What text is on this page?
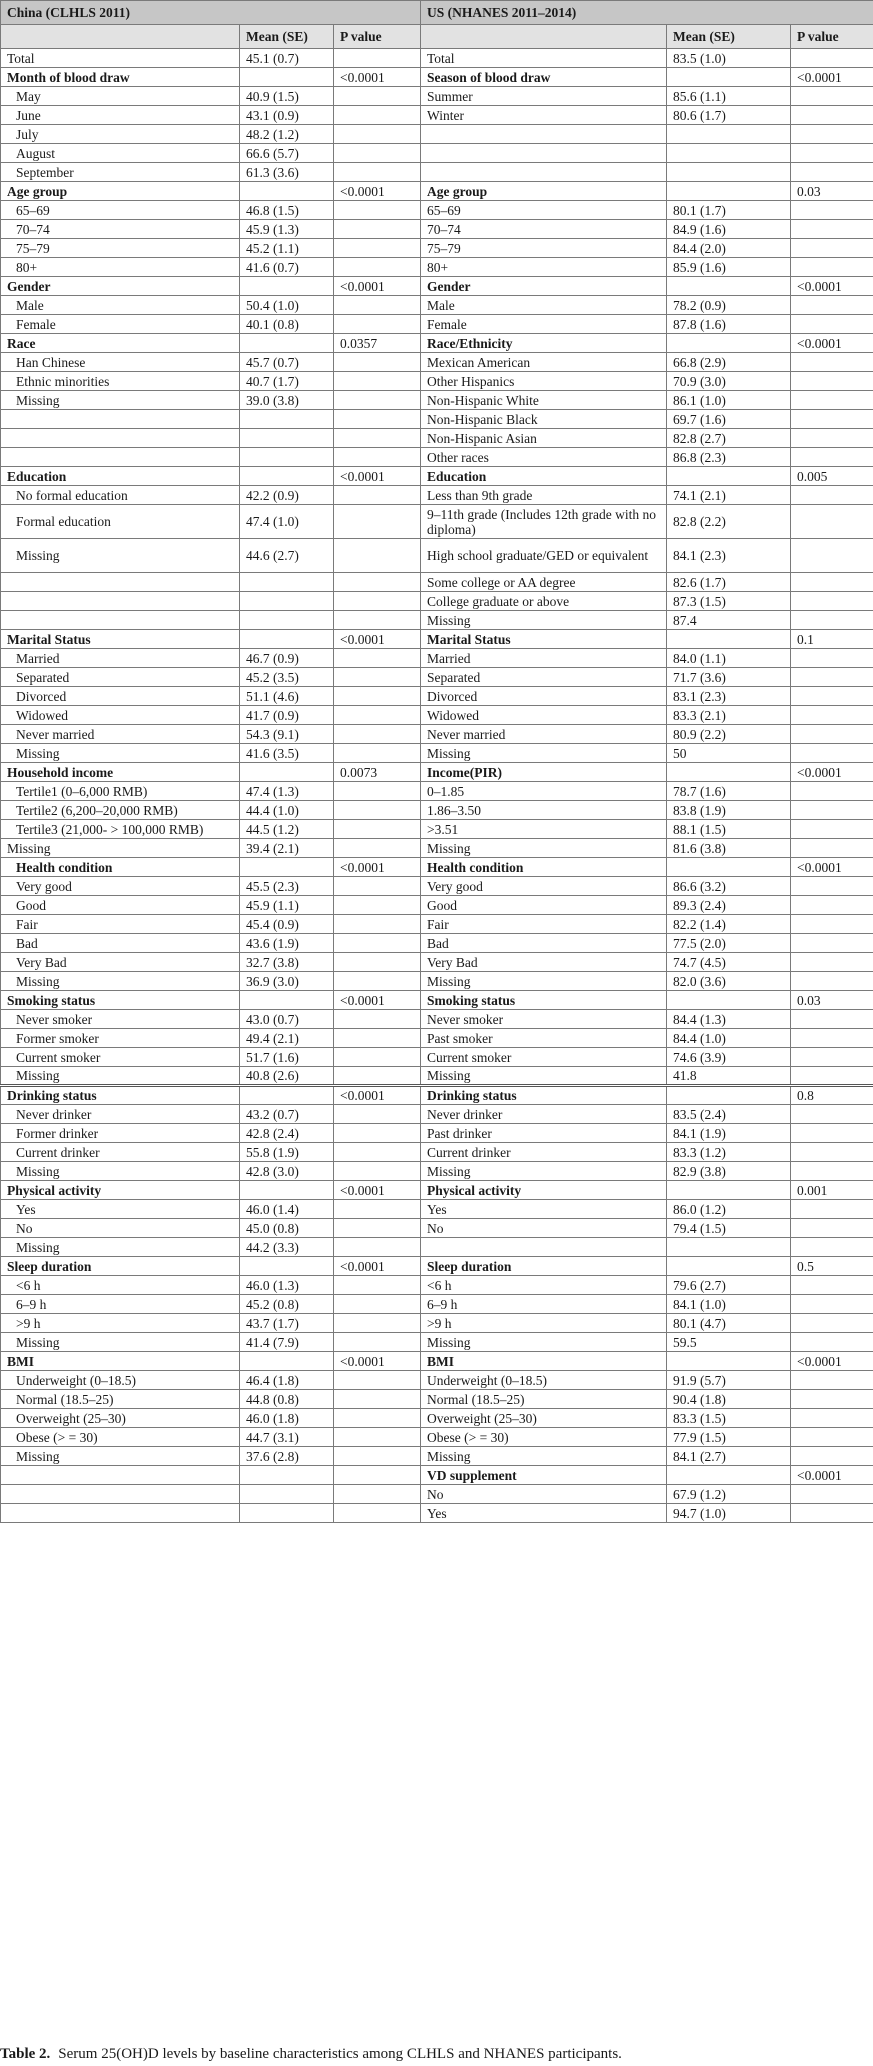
China (CLHLS 2011)			US (NHANES 2011–2014)		
	Mean (SE)	P value		Mean (SE)	P value
Total	45.1 (0.7)		Total	83.5 (1.0)	
Month of blood draw		<0.0001	Season of blood draw		<0.0001
May	40.9 (1.5)		Summer	85.6 (1.1)	
June	43.1 (0.9)		Winter	80.6 (1.7)	
July	48.2 (1.2)				
August	66.6 (5.7)				
September	61.3 (3.6)				
Age group		<0.0001	Age group		0.03
65–69	46.8 (1.5)		65–69	80.1 (1.7)	
70–74	45.9 (1.3)		70–74	84.9 (1.6)	
75–79	45.2 (1.1)		75–79	84.4 (2.0)	
80+	41.6 (0.7)		80+	85.9 (1.6)	
Gender		<0.0001	Gender		<0.0001
Male	50.4 (1.0)		Male	78.2 (0.9)	
Female	40.1 (0.8)		Female	87.8 (1.6)	
Race		0.0357	Race/Ethnicity		<0.0001
Han Chinese	45.7 (0.7)		Mexican American	66.8 (2.9)	
Ethnic minorities	40.7 (1.7)		Other Hispanics	70.9 (3.0)	
Missing	39.0 (3.8)		Non-Hispanic White	86.1 (1.0)	
			Non-Hispanic Black	69.7 (1.6)	
			Non-Hispanic Asian	82.8 (2.7)	
			Other races	86.8 (2.3)	
Education		<0.0001	Education		0.005
No formal education	42.2 (0.9)		Less than 9th grade	74.1 (2.1)	
Formal education	47.4 (1.0)		9–11th grade (Includes 12th grade with no diploma)	82.8 (2.2)	
Missing	44.6 (2.7)		High school graduate/GED or equivalent	84.1 (2.3)	
			Some college or AA degree	82.6 (1.7)	
			College graduate or above	87.3 (1.5)	
			Missing	87.4	
Marital Status		<0.0001	Marital Status		0.1
Married	46.7 (0.9)		Married	84.0 (1.1)	
Separated	45.2 (3.5)		Separated	71.7 (3.6)	
Divorced	51.1 (4.6)		Divorced	83.1 (2.3)	
Widowed	41.7 (0.9)		Widowed	83.3 (2.1)	
Never married	54.3 (9.1)		Never married	80.9 (2.2)	
Missing	41.6 (3.5)		Missing	50	
Household income		0.0073	Income(PIR)		<0.0001
Tertile1 (0–6,000 RMB)	47.4 (1.3)		0–1.85	78.7 (1.6)	
Tertile2 (6,200–20,000 RMB)	44.4 (1.0)		1.86–3.50	83.8 (1.9)	
Tertile3 (21,000- > 100,000 RMB)	44.5 (1.2)		>3.51	88.1 (1.5)	
Missing	39.4 (2.1)		Missing	81.6 (3.8)	
Health condition		<0.0001	Health condition		<0.0001
Very good	45.5 (2.3)		Very good	86.6 (3.2)	
Good	45.9 (1.1)		Good	89.3 (2.4)	
Fair	45.4 (0.9)		Fair	82.2 (1.4)	
Bad	43.6 (1.9)		Bad	77.5 (2.0)	
Very Bad	32.7 (3.8)		Very Bad	74.7 (4.5)	
Missing	36.9 (3.0)		Missing	82.0 (3.6)	
Smoking status		<0.0001	Smoking status		0.03
Never smoker	43.0 (0.7)		Never smoker	84.4 (1.3)	
Former smoker	49.4 (2.1)		Past smoker	84.4 (1.0)	
Current smoker	51.7 (1.6)		Current smoker	74.6 (3.9)	
Missing	40.8 (2.6)		Missing	41.8	
Drinking status		<0.0001	Drinking status		0.8
Never drinker	43.2 (0.7)		Never drinker	83.5 (2.4)	
Former drinker	42.8 (2.4)		Past drinker	84.1 (1.9)	
Current drinker	55.8 (1.9)		Current drinker	83.3 (1.2)	
Missing	42.8 (3.0)		Missing	82.9 (3.8)	
Physical activity		<0.0001	Physical activity		0.001
Yes	46.0 (1.4)		Yes	86.0 (1.2)	
No	45.0 (0.8)		No	79.4 (1.5)	
Missing	44.2 (3.3)				
Sleep duration		<0.0001	Sleep duration		0.5
<6 h	46.0 (1.3)		<6 h	79.6 (2.7)	
6–9 h	45.2 (0.8)		6–9 h	84.1 (1.0)	
>9 h	43.7 (1.7)		>9 h	80.1 (4.7)	
Missing	41.4 (7.9)		Missing	59.5	
BMI		<0.0001	BMI		<0.0001
Underweight (0–18.5)	46.4 (1.8)		Underweight (0–18.5)	91.9 (5.7)	
Normal (18.5–25)	44.8 (0.8)		Normal (18.5–25)	90.4 (1.8)	
Overweight (25–30)	46.0 (1.8)		Overweight (25–30)	83.3 (1.5)	
Obese (> = 30)	44.7 (3.1)		Obese (> = 30)	77.9 (1.5)	
Missing	37.6 (2.8)		Missing	84.1 (2.7)	
			VD supplement		<0.0001
			No	67.9 (1.2)	
			Yes	94.7 (1.0)	
Table 2. Serum 25(OH)D levels by baseline characteristics among CLHLS and NHANES participants.
